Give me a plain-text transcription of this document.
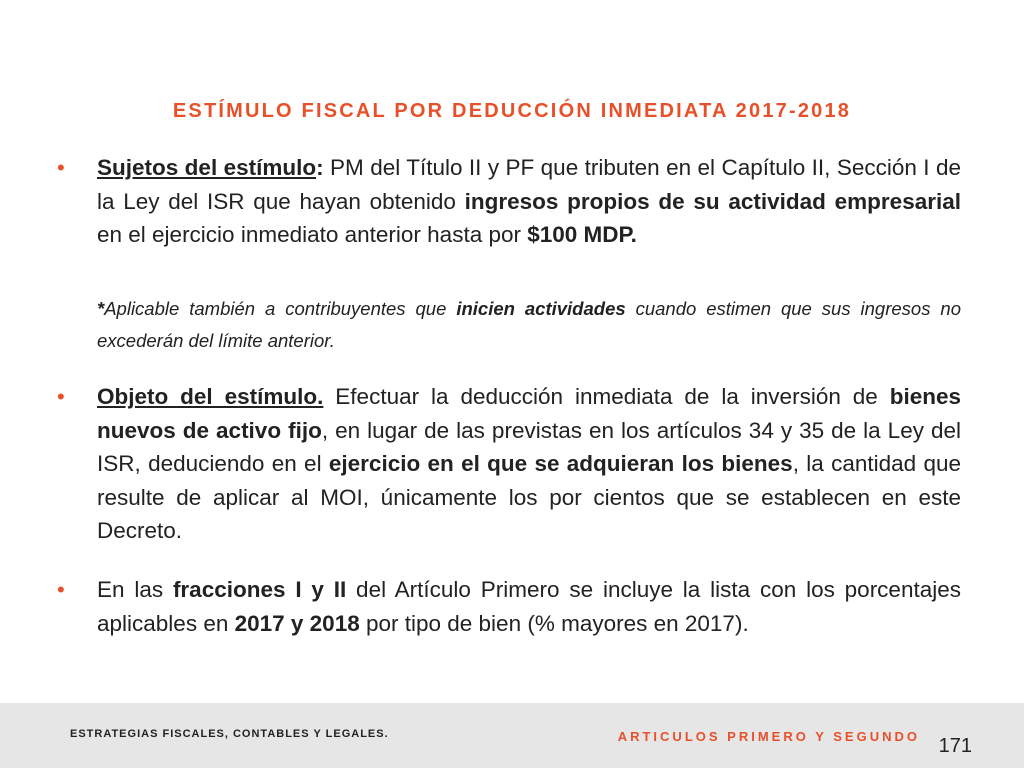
ESTÍMULO FISCAL POR DEDUCCIÓN INMEDIATA 2017-2018

• Sujetos del estímulo: PM del Título II y PF que tributen en el Capítulo II, Sección I de la Ley del ISR que hayan obtenido ingresos propios de su actividad empresarial en el ejercicio inmediato anterior hasta por $100 MDP.

*Aplicable también a contribuyentes que inicien actividades cuando estimen que sus ingresos no excederán del límite anterior.

• Objeto del estímulo. Efectuar la deducción inmediata de la inversión de bienes nuevos de activo fijo, en lugar de las previstas en los artículos 34 y 35 de la Ley del ISR, deduciendo en el ejercicio en el que se adquieran los bienes, la cantidad que resulte de aplicar al MOI, únicamente los por cientos que se establecen en este Decreto.

• En las fracciones I y II del Artículo Primero se incluye la lista con los porcentajes aplicables en 2017 y 2018 por tipo de bien (% mayores en 2017).

ESTRATEGIAS FISCALES, CONTABLES Y LEGALES.	ARTICULOS PRIMERO Y SEGUNDO 171
